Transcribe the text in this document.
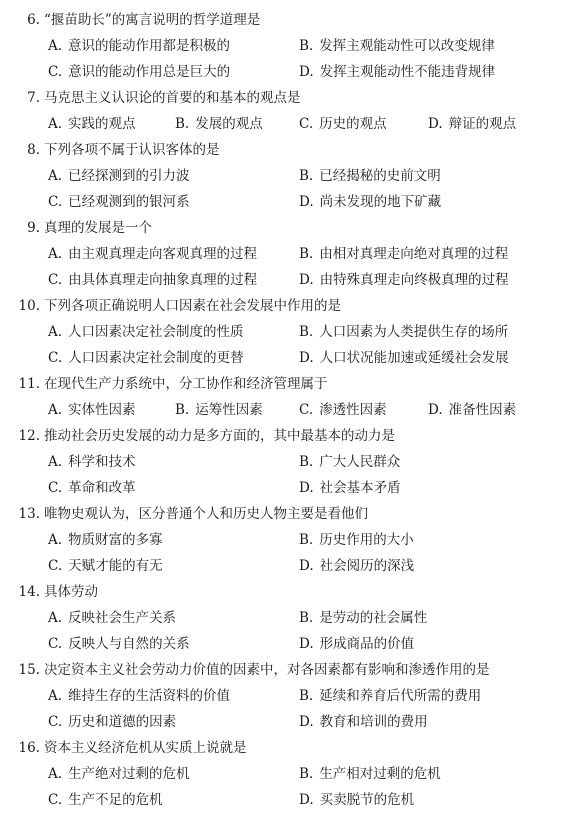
6. “揠苗助长”的寓言说明的哲学道理是
A. 意识的能动作用都是积极的	B. 发挥主观能动性可以改变规律
C. 意识的能动作用总是巨大的	D. 发挥主观能动性不能违背规律
7. 马克思主义认识论的首要的和基本的观点是
A. 实践的观点	B. 发展的观点	C. 历史的观点	D. 辩证的观点
8. 下列各项不属于认识客体的是
A. 已经探测到的引力波	B. 已经揭秘的史前文明
C. 已经观测到的银河系	D. 尚未发现的地下矿藏
9. 真理的发展是一个
A. 由主观真理走向客观真理的过程	B. 由相对真理走向绝对真理的过程
C. 由具体真理走向抽象真理的过程	D. 由特殊真理走向终极真理的过程
10. 下列各项正确说明人口因素在社会发展中作用的是
A. 人口因素决定社会制度的性质	B. 人口因素为人类提供生存的场所
C. 人口因素决定社会制度的更替	D. 人口状况能加速或延缓社会发展
11. 在现代生产力系统中，分工协作和经济管理属于
A. 实体性因素	B. 运筹性因素	C. 渗透性因素	D. 准备性因素
12. 推动社会历史发展的动力是多方面的，其中最基本的动力是
A. 科学和技术	B. 广大人民群众
C. 革命和改革	D. 社会基本矛盾
13. 唯物史观认为，区分普通个人和历史人物主要是看他们
A. 物质财富的多寡	B. 历史作用的大小
C. 天赋才能的有无	D. 社会阅历的深浅
14. 具体劳动
A. 反映社会生产关系	B. 是劳动的社会属性
C. 反映人与自然的关系	D. 形成商品的价值
15. 决定资本主义社会劳动力价值的因素中，对各因素都有影响和渗透作用的是
A. 维持生存的生活资料的价值	B. 延续和养育后代所需的费用
C. 历史和道德的因素	D. 教育和培训的费用
16. 资本主义经济危机从实质上说就是
A. 生产绝对过剩的危机	B. 生产相对过剩的危机
C. 生产不足的危机	D. 买卖脱节的危机
